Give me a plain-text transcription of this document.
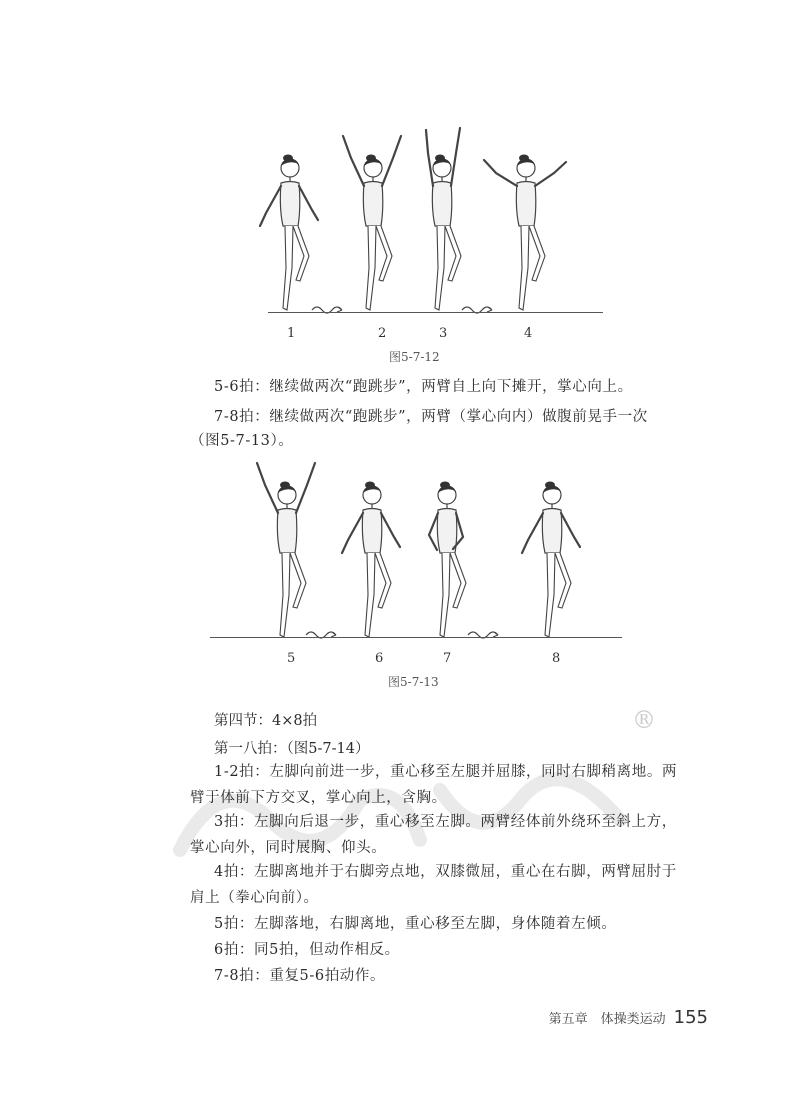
1	2	3	4
图5-7-12
5	6	7	8
图5-7-13
5-6拍：继续做两次“跑跳步”，两臂自上向下摊开，掌心向上。
7-8拍：继续做两次“跑跳步”，两臂（掌心向内）做腹前晃手一次
（图5-7-13）。
第四节：4×8拍
第一八拍：（图5-7-14）
1-2拍：左脚向前进一步，重心移至左腿并屈膝，同时右脚稍离地。两
臂于体前下方交叉，掌心向上，含胸。
3拍：左脚向后退一步，重心移至左脚。两臂经体前外绕环至斜上方，
掌心向外，同时展胸、仰头。
4拍：左脚离地并于右脚旁点地，双膝微屈，重心在右脚，两臂屈肘于
肩上（拳心向前）。
5拍：左脚落地，右脚离地，重心移至左脚，身体随着左倾。
6拍：同5拍，但动作相反。
7-8拍：重复5-6拍动作。
®
第五章　体操类运动 155
